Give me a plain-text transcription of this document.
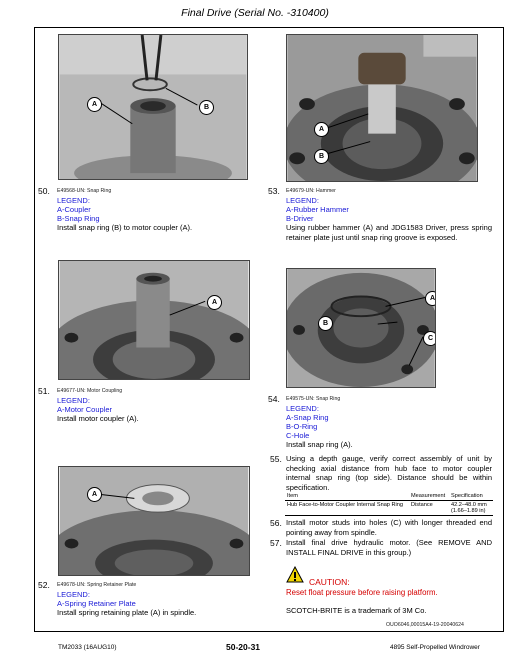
Final Drive (Serial No. -310400)
A	B
A
B
50. E49568-UN: Snap Ring
LEGEND:
A-Coupler
B-Snap Ring
Install snap ring (B) to motor coupler (A).
53. E49679-UN: Hammer
LEGEND:
A-Rubber Hammer
B-Driver
Using rubber hammer (A) and JDG1583 Driver, press spring retainer plate just until snap ring groove is exposed.
A
A
B
C
51. E49677-UN: Motor Coupling
LEGEND:
A-Motor Coupler
Install motor coupler (A).
54. E49575-UN: Snap Ring
LEGEND:
A-Snap Ring
B-O-Ring
C-Hole
Install snap ring (A).
55. Using a depth gauge, verify correct assembly of unit by checking axial distance from hub face to motor coupler internal snap ring (top side). Distance should be within specification.
Item	Measurement	Specification
Hub Face-to-Motor Coupler Internal Snap Ring	Distance	42.2–48.0 mm
(1.66–1.89 in)
A
56. Install motor studs into holes (C) with longer threaded end pointing away from spindle.
57. Install final drive hydraulic motor. (See REMOVE AND INSTALL FINAL DRIVE in this group.)
CAUTION:
Reset float pressure before raising platform.
52. E49678-UN: Spring Retainer Plate
LEGEND:
A-Spring Retainer Plate
Install spring retaining plate (A) in spindle.	SCOTCH-BRITE is a trademark of 3M Co.
OUO6046,00015A4-19-20040624
TM2033 (16AUG10)	50-20-31	4895 Self-Propelled Windrower
